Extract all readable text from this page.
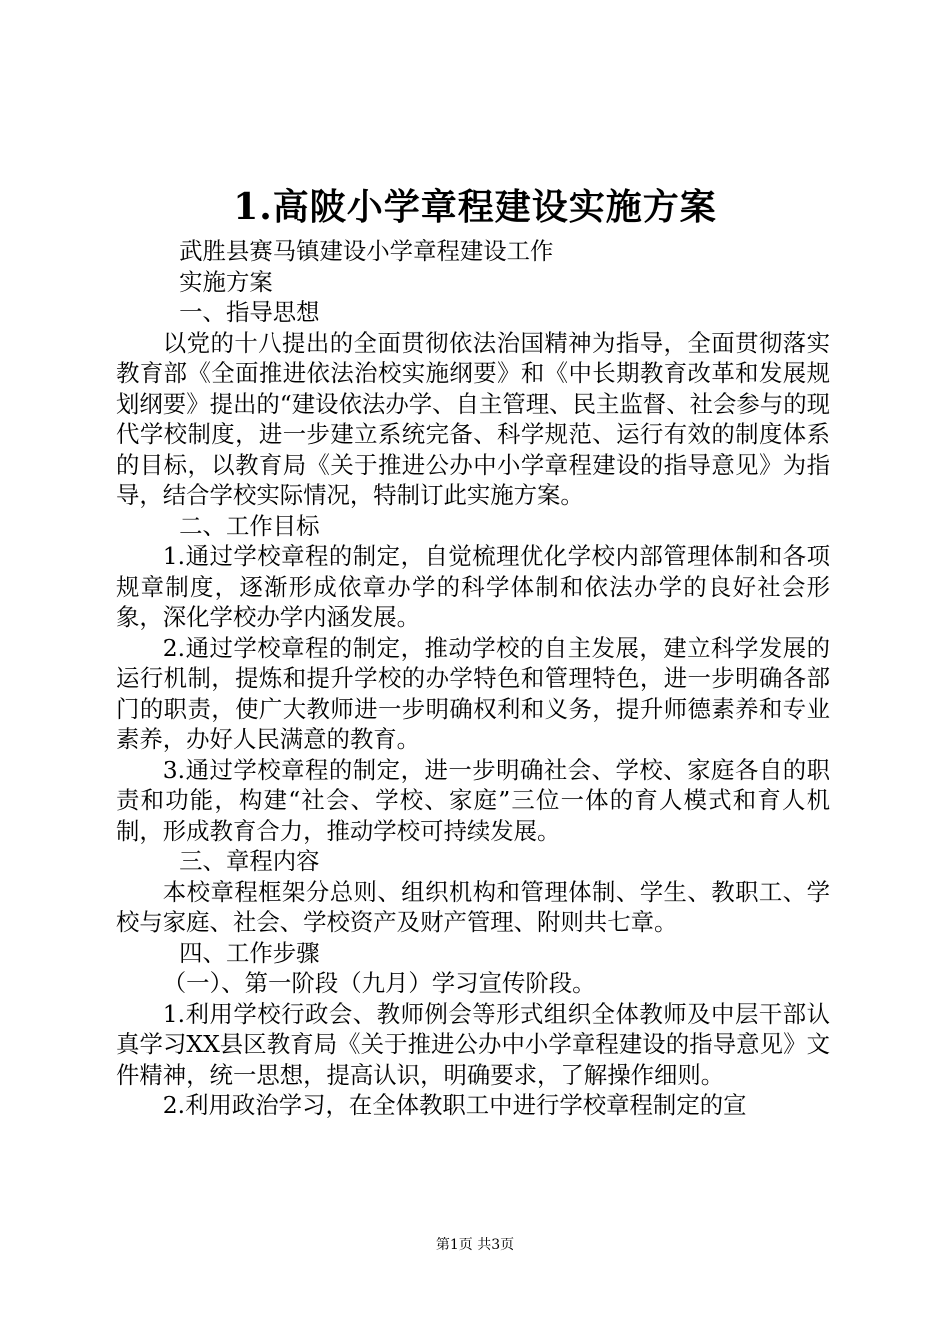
1.高陂小学章程建设实施方案

武胜县赛马镇建设小学章程建设工作

实施方案

一、指导思想

以党的十八提出的全面贯彻依法治国精神为指导，全面贯彻落实教育部《全面推进依法治校实施纲要》和《中长期教育改革和发展规划纲要》提出的“建设依法办学、自主管理、民主监督、社会参与的现代学校制度，进一步建立系统完备、科学规范、运行有效的制度体系的目标，以教育局《关于推进公办中小学章程建设的指导意见》为指导，结合学校实际情况，特制订此实施方案。

二、工作目标

1.通过学校章程的制定，自觉梳理优化学校内部管理体制和各项规章制度，逐渐形成依章办学的科学体制和依法办学的良好社会形象，深化学校办学内涵发展。

2.通过学校章程的制定，推动学校的自主发展，建立科学发展的运行机制，提炼和提升学校的办学特色和管理特色，进一步明确各部门的职责，使广大教师进一步明确权利和义务，提升师德素养和专业素养，办好人民满意的教育。

3.通过学校章程的制定，进一步明确社会、学校、家庭各自的职责和功能，构建“社会、学校、家庭”三位一体的育人模式和育人机制，形成教育合力，推动学校可持续发展。

三、章程内容

本校章程框架分总则、组织机构和管理体制、学生、教职工、学校与家庭、社会、学校资产及财产管理、附则共七章。

四、工作步骤

（一）、第一阶段（九月）学习宣传阶段。

1.利用学校行政会、教师例会等形式组织全体教师及中层干部认真学习XX县区教育局《关于推进公办中小学章程建设的指导意见》文件精神，统一思想，提高认识，明确要求，了解操作细则。

2.利用政治学习，在全体教职工中进行学校章程制定的宣

第1页 共3页
